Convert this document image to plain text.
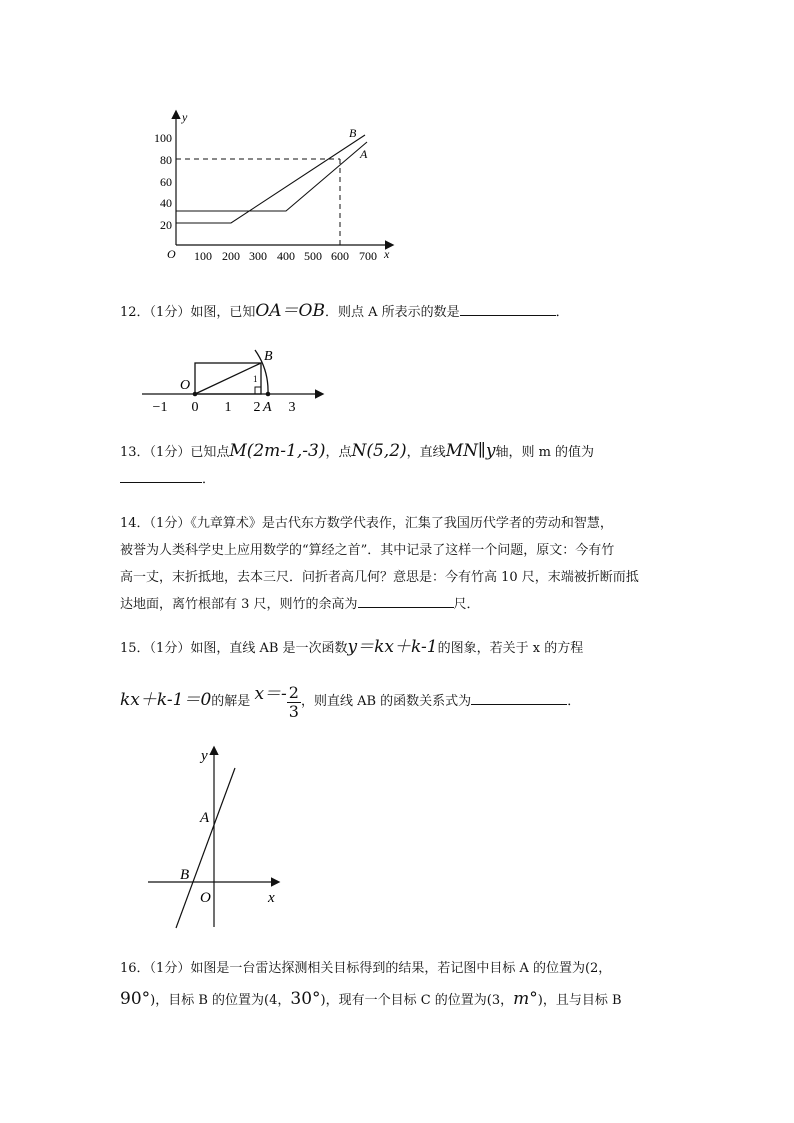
y
x
O
20
40
60
80
100
100 200 300 400 500 600 700
B
A
12．（1分）如图，已知OA＝OB．则点 A 所表示的数是	．
O
B
1
−1 0 1 2 3
A
13．（1分）已知点M(2m-1,-3)，点N(5,2)，直线MN∥y轴，则 m 的值为
．
14．（1分）《九章算术》是古代东方数学代表作，汇集了我国历代学者的劳动和智慧，
被誉为人类科学史上应用数学的“算经之首”．其中记录了这样一个问题，原文：今有竹
高一丈，末折抵地，去本三尺．问折者高几何？意思是：今有竹高 10 尺，末端被折断而抵
达地面，离竹根部有 3 尺，则竹的余高为	尺．
15．（1分）如图，直线 AB 是一次函数y＝kx＋k-1的图象，若关于 x 的方程
kx＋k-1＝0的解是 $x=- \frac{2}{3}$ ，则直线 AB 的函数关系式为	．
y
x
A
B
O
16．（1分）如图是一台雷达探测相关目标得到的结果，若记图中目标 A 的位置为(2，
90°)，目标 B 的位置为(4，30°)，现有一个目标 C 的位置为(3，m°)，且与目标 B
